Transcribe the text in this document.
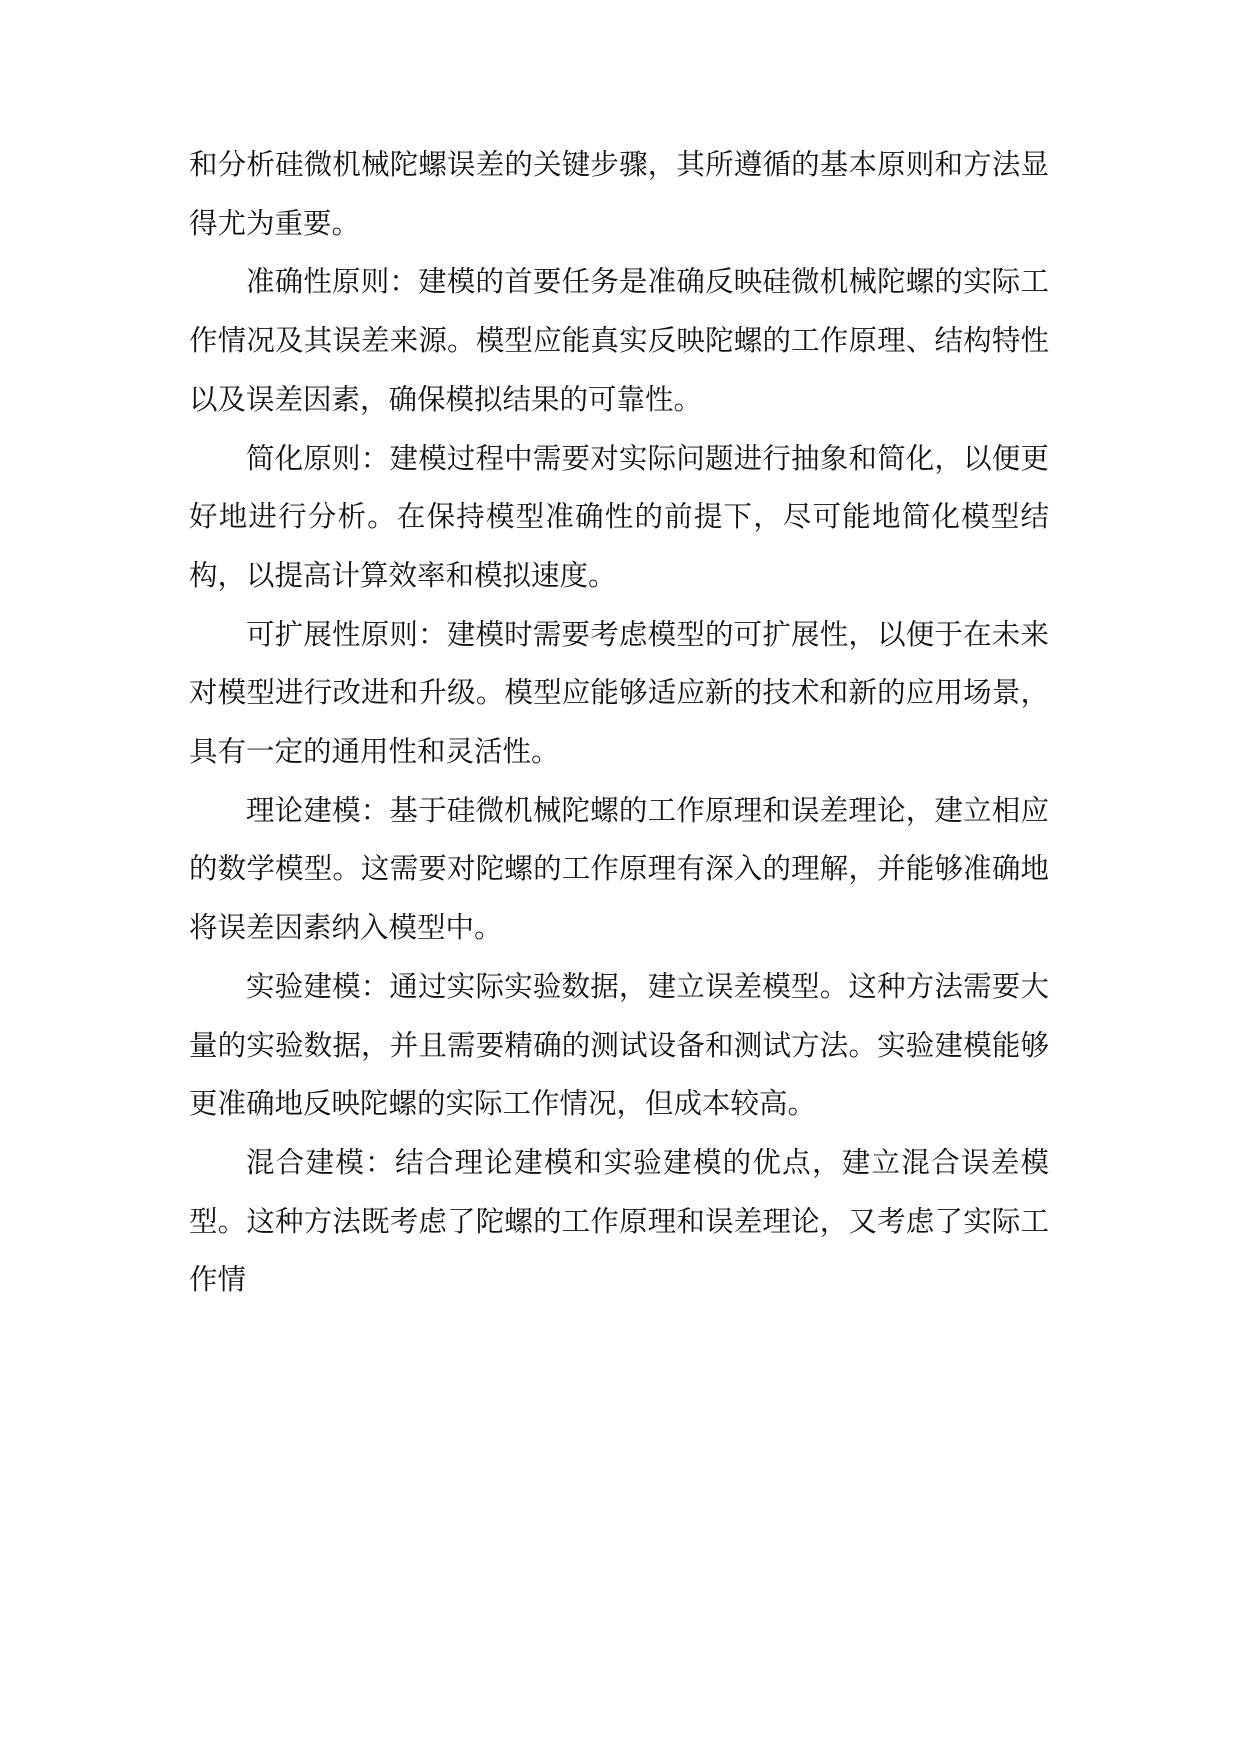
和分析硅微机械陀螺误差的关键步骤，其所遵循的基本原则和方法显得尤为重要。

准确性原则：建模的首要任务是准确反映硅微机械陀螺的实际工作情况及其误差来源。模型应能真实反映陀螺的工作原理、结构特性以及误差因素，确保模拟结果的可靠性。

简化原则：建模过程中需要对实际问题进行抽象和简化，以便更好地进行分析。在保持模型准确性的前提下，尽可能地简化模型结构，以提高计算效率和模拟速度。

可扩展性原则：建模时需要考虑模型的可扩展性，以便于在未来对模型进行改进和升级。模型应能够适应新的技术和新的应用场景，具有一定的通用性和灵活性。

理论建模：基于硅微机械陀螺的工作原理和误差理论，建立相应的数学模型。这需要对陀螺的工作原理有深入的理解，并能够准确地将误差因素纳入模型中。

实验建模：通过实际实验数据，建立误差模型。这种方法需要大量的实验数据，并且需要精确的测试设备和测试方法。实验建模能够更准确地反映陀螺的实际工作情况，但成本较高。

混合建模：结合理论建模和实验建模的优点，建立混合误差模型。这种方法既考虑了陀螺的工作原理和误差理论，又考虑了实际工作情
